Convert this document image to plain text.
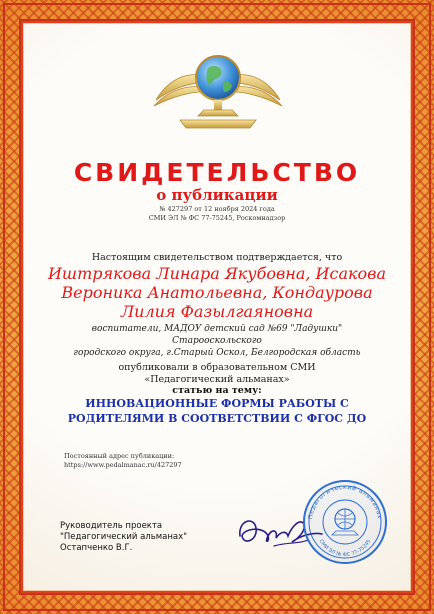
СВИДЕТЕЛЬСТВО
о публикации
№ 427297 от 12 ноября 2024 года
СМИ ЭЛ № ФС 77-75245, Роскомнадзор
Настоящим свидетельством подтверждается, что
Иштрякова Линара Якубовна, Исакова
Вероника Анатольевна, Кондаурова
Лилия Фазылгаяновна
воспитатели, МАДОУ детский сад №69 "Ладушки" Старооскольского
городского округа, г.Старый Оскол, Белгородская область
опубликовали в образовательном СМИ
«Педагогический альманах»
статью на тему:
ИННОВАЦИОННЫЕ ФОРМЫ РАБОТЫ С
РОДИТЕЛЯМИ В СООТВЕТСТВИИ С ФГОС ДО
Постоянный адрес публикации:
https://www.pedalmanac.ru/427297
Руководитель проекта
"Педагогический альманах"
Остапченко В.Г.
Педагогический альманах
СМИ ЭЛ № ФС 77-75245
